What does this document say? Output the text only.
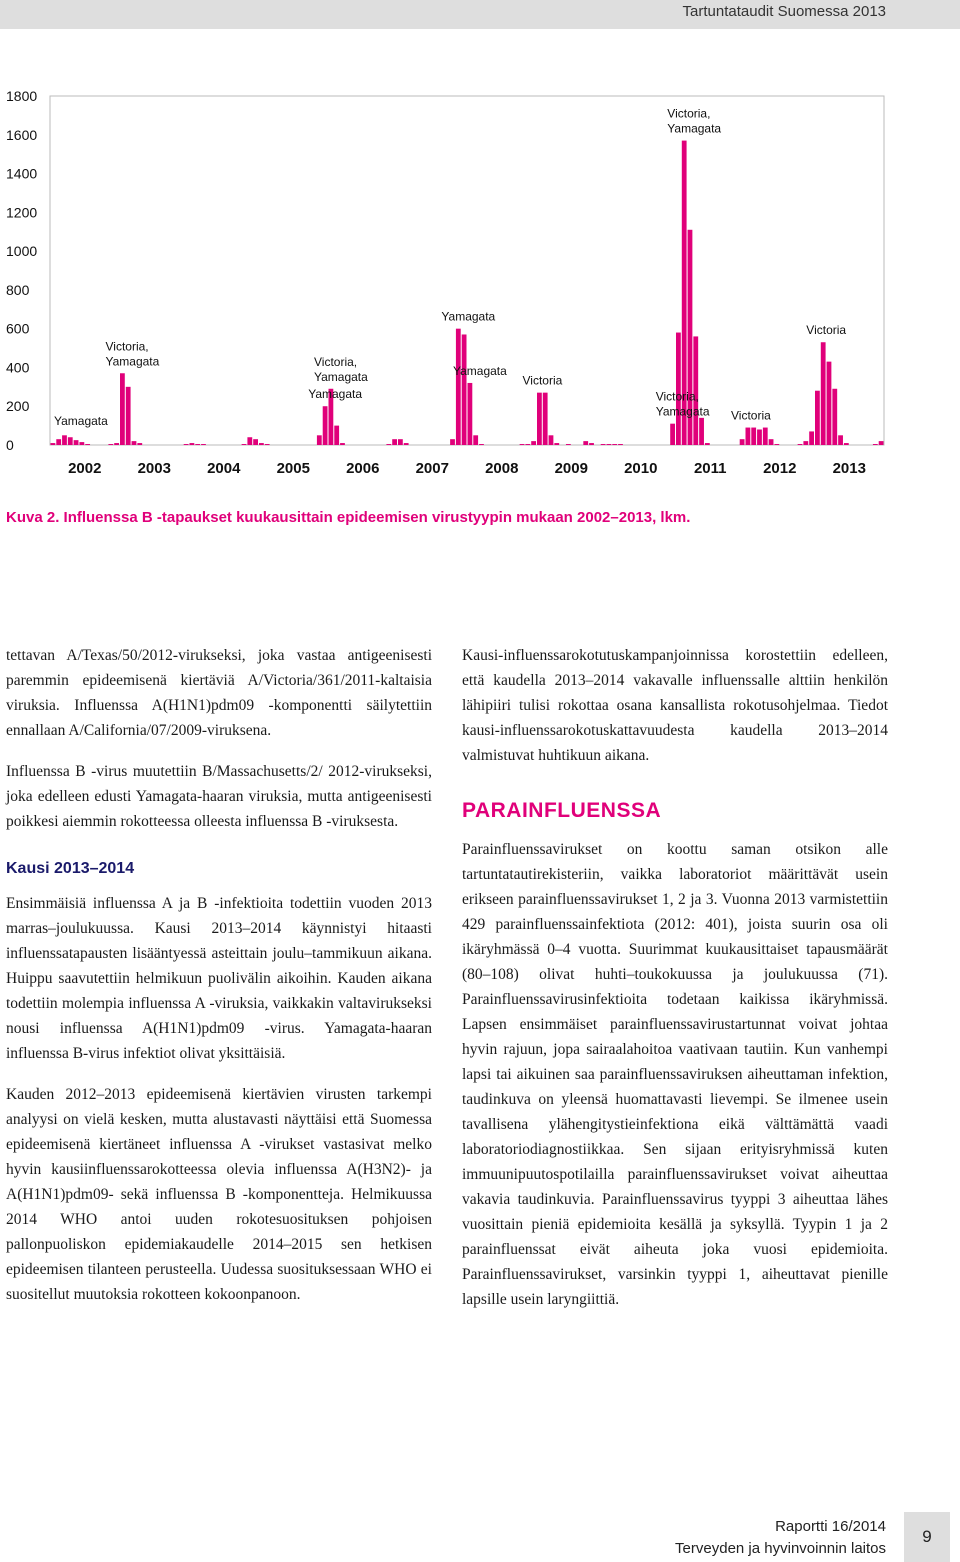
Tartuntataudit Suomessa 2013
0
200
400
600
800
1000
1200
1400
1600
1800
2002 2003 2004 2005 2006 2007 2008 2009 2010 2011 2012 2013
Yamagata
Victoria, Yamagata
Yamagata
Victoria, Yamagata
Yamagata
Yamagata
Victoria
Victoria, Yamagata
Victoria, Yamagata
Victoria
Victoria
Kuva 2. Influenssa B -tapaukset kuukausittain epideemisen virustyypin mukaan 2002–2013, lkm.

tettavan A/Texas/50/2012-virukseksi, joka vastaa antigeenisesti paremmin epideemisenä kiertäviä A/Victoria/361/2011-kaltaisia viruksia. Influenssa A(H1N1)pdm09 -komponentti säilytettiin ennallaan A/California/07/2009-viruksena.

Influenssa B -virus muutettiin B/Massachusetts/2/ 2012-virukseksi, joka edelleen edusti Yamagata-haaran viruksia, mutta antigeenisesti poikkesi aiemmin rokotteessa olleesta influenssa B -viruksesta.

Kausi 2013–2014

Ensimmäisiä influenssa A ja B -infektioita todettiin vuoden 2013 marras–joulukuussa. Kausi 2013–2014 käynnistyi hitaasti influenssatapausten lisääntyessä asteittain joulu–tammikuun aikana. Huippu saavutettiin helmikuun puolivälin aikoihin. Kauden aikana todettiin molempia influenssa A -viruksia, vaikkakin valtavirukseksi nousi influenssa A(H1N1)pdm09 -virus. Yamagata-haaran influenssa B-virus infektiot olivat yksittäisiä.

Kauden 2012–2013 epideemisenä kiertävien virusten tarkempi analyysi on vielä kesken, mutta alustavasti näyttäisi että Suomessa epideemisenä kiertäneet influenssa A -virukset vastasivat melko hyvin kausiinfluenssarokotteessa olevia influenssa A(H3N2)- ja A(H1N1)pdm09- sekä influenssa B -komponentteja. Helmikuussa 2014 WHO antoi uuden rokotesuosituksen pohjoisen pallonpuoliskon epidemiakaudelle 2014–2015 sen hetkisen epideemisen tilanteen perusteella. Uudessa suosituksessaan WHO ei suositellut muutoksia rokotteen kokoonpanoon.

Kausi-influenssarokotutuskampanjoinnissa korostettiin edelleen, että kaudella 2013–2014 vakavalle influenssalle alttiin henkilön lähipiiri tulisi rokottaa osana kansallista rokotusohjelmaa. Tiedot kausi-influenssarokotuskattavuudesta kaudella 2013–2014 valmistuvat huhtikuun aikana.

PARAINFLUENSSA

Parainfluenssavirukset on koottu saman otsikon alle tartuntatautirekisteriin, vaikka laboratoriot määrittävät usein erikseen parainfluenssavirukset 1, 2 ja 3. Vuonna 2013 varmistettiin 429 parainfluenssainfektiota (2012: 401), joista suurin osa oli ikäryhmässä 0–4 vuotta. Suurimmat kuukausittaiset tapausmäärät (80–108) olivat huhti–toukokuussa ja joulukuussa (71). Parainfluenssavirusinfektioita todetaan kaikissa ikäryhmissä. Lapsen ensimmäiset parainfluenssavirustartunnat voivat johtaa hyvin rajuun, jopa sairaalahoitoa vaativaan tautiin. Kun vanhempi lapsi tai aikuinen saa parainfluenssaviruksen aiheuttaman infektion, taudinkuva on yleensä huomattavasti lievempi. Se ilmenee usein tavallisena ylähengitystieinfektiona eikä välttämättä vaadi laboratoriodiagnostiikkaa. Sen sijaan erityisryhmissä kuten immuunipuutospotilailla parainfluenssavirukset voivat aiheuttaa vakavia taudinkuvia. Parainfluenssavirus tyyppi 3 aiheuttaa lähes vuosittain pieniä epidemioita kesällä ja syksyllä. Tyypin 1 ja 2 parainfluenssat eivät aiheuta joka vuosi epidemioita. Parainfluenssavirukset, varsinkin tyyppi 1, aiheuttavat pienille lapsille usein laryngiittiä.

Raportti 16/2014
Terveyden ja hyvinvoinnin laitos
9
